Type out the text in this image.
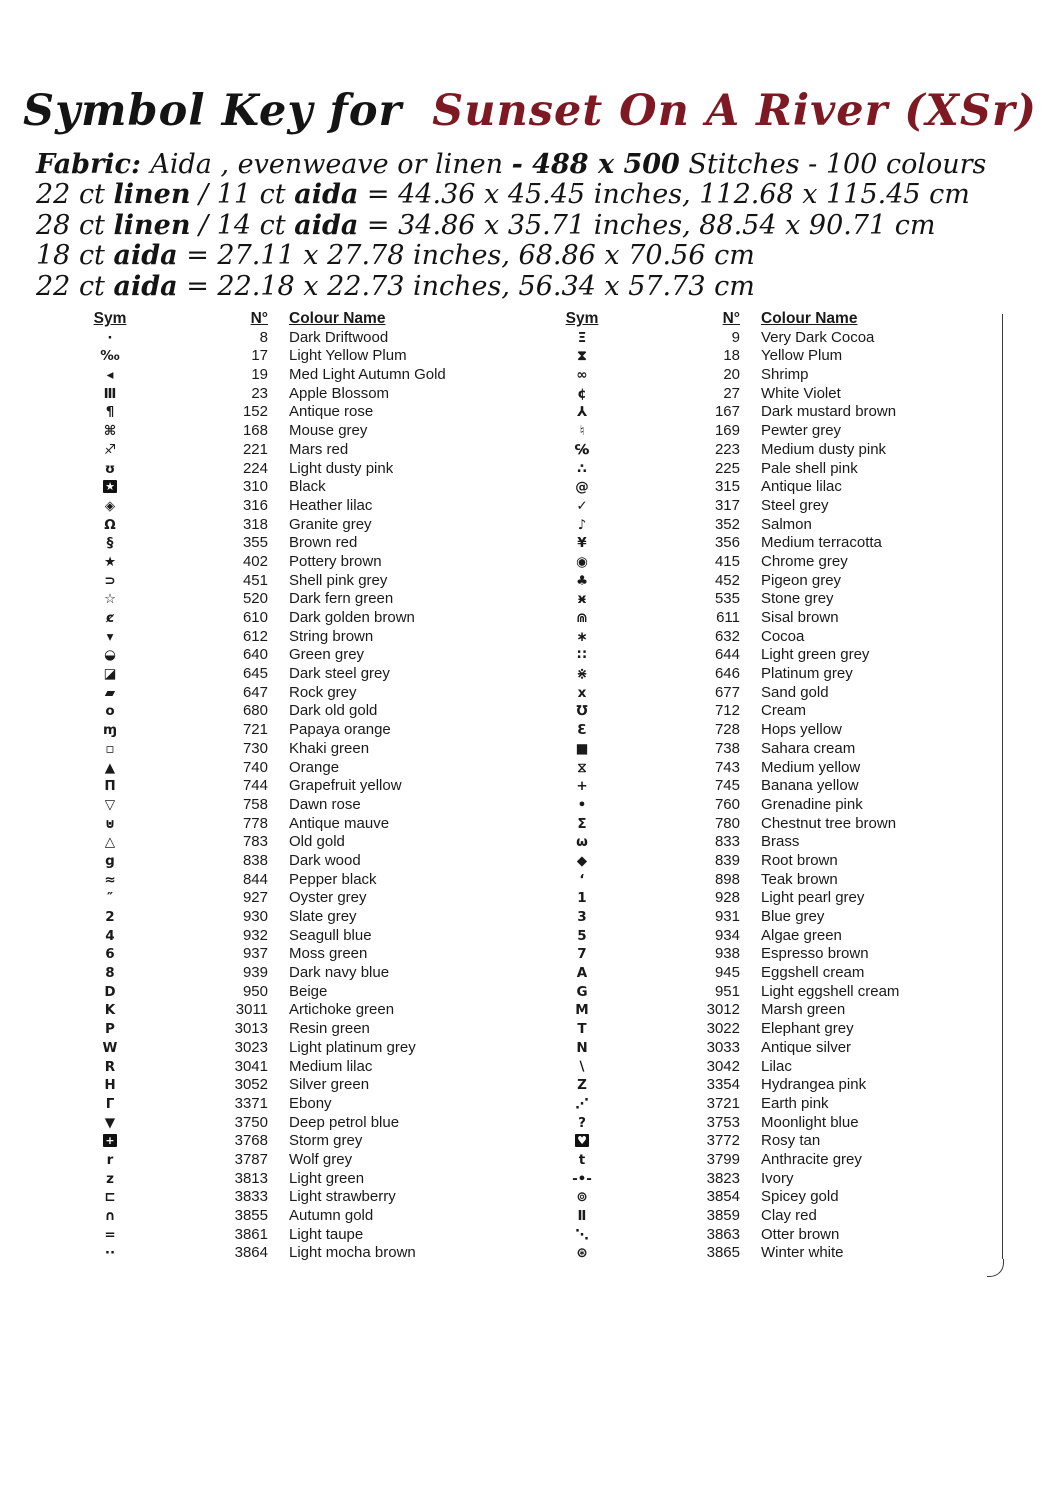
Symbol Key for Sunset On A River (XSr)
Fabric: Aida , evenweave or linen - 488 x 500 Stitches - 100 colours
22 ct linen / 11 ct aida = 44.36 x 45.45 inches, 112.68 x 115.45 cm
28 ct linen / 14 ct aida = 34.86 x 35.71 inches, 88.54 x 90.71 cm
18 ct aida = 27.11 x 27.78 inches, 68.86 x 70.56 cm
22 ct aida = 22.18 x 22.73 inches, 56.34 x 57.73 cm
Sym	N°	Colour Name
·	8	Dark Driftwood
‰	17	Light Yellow Plum
◂	19	Med Light Autumn Gold
Ⅲ	23	Apple Blossom
¶	152	Antique rose
⌘	168	Mouse grey
♐	221	Mars red
ʊ	224	Light dusty pink
★	310	Black
◈	316	Heather lilac
Ω	318	Granite grey
§	355	Brown red
★	402	Pottery brown
⊃	451	Shell pink grey
☆	520	Dark fern green
ȼ	610	Dark golden brown
▾	612	String brown
◒	640	Green grey
◪	645	Dark steel grey
▰	647	Rock grey
o	680	Dark old gold
ɱ	721	Papaya orange
▫	730	Khaki green
▲	740	Orange
Π	744	Grapefruit yellow
▽	758	Dawn rose
⊍	778	Antique mauve
△	783	Old gold
g	838	Dark wood
≈	844	Pepper black
″	927	Oyster grey
2	930	Slate grey
4	932	Seagull blue
6	937	Moss green
8	939	Dark navy blue
D	950	Beige
K	3011	Artichoke green
P	3013	Resin green
W	3023	Light platinum grey
R	3041	Medium lilac
H	3052	Silver green
Γ	3371	Ebony
▼	3750	Deep petrol blue
+	3768	Storm grey
r	3787	Wolf grey
z	3813	Light green
⊏	3833	Light strawberry
∩	3855	Autumn gold
=	3861	Light taupe
··	3864	Light mocha brown
Sym	N°	Colour Name
Ξ	9	Very Dark Cocoa
⧗	18	Yellow Plum
∞	20	Shrimp
¢	27	White Violet
⅄	167	Dark mustard brown
♮	169	Pewter grey
℅	223	Medium dusty pink
∴	225	Pale shell pink
@	315	Antique lilac
✓	317	Steel grey
♪	352	Salmon
¥	356	Medium terracotta
◉	415	Chrome grey
♣	452	Pigeon grey
ӿ	535	Stone grey
⋒	611	Sisal brown
∗	632	Cocoa
∷	644	Light green grey
⋇	646	Platinum grey
x	677	Sand gold
℧	712	Cream
Ɛ	728	Hops yellow
■	738	Sahara cream
⧖	743	Medium yellow
+	745	Banana yellow
•	760	Grenadine pink
Σ	780	Chestnut tree brown
ω	833	Brass
◆	839	Root brown
‘	898	Teak brown
1	928	Light pearl grey
3	931	Blue grey
5	934	Algae green
7	938	Espresso brown
A	945	Eggshell cream
G	951	Light eggshell cream
M	3012	Marsh green
T	3022	Elephant grey
N	3033	Antique silver
∖	3042	Lilac
Z	3354	Hydrangea pink
⋰	3721	Earth pink
?	3753	Moonlight blue
♥	3772	Rosy tan
t	3799	Anthracite grey
-•-	3823	Ivory
⊚	3854	Spicey gold
Ⅱ	3859	Clay red
⋱	3863	Otter brown
⊛	3865	Winter white
